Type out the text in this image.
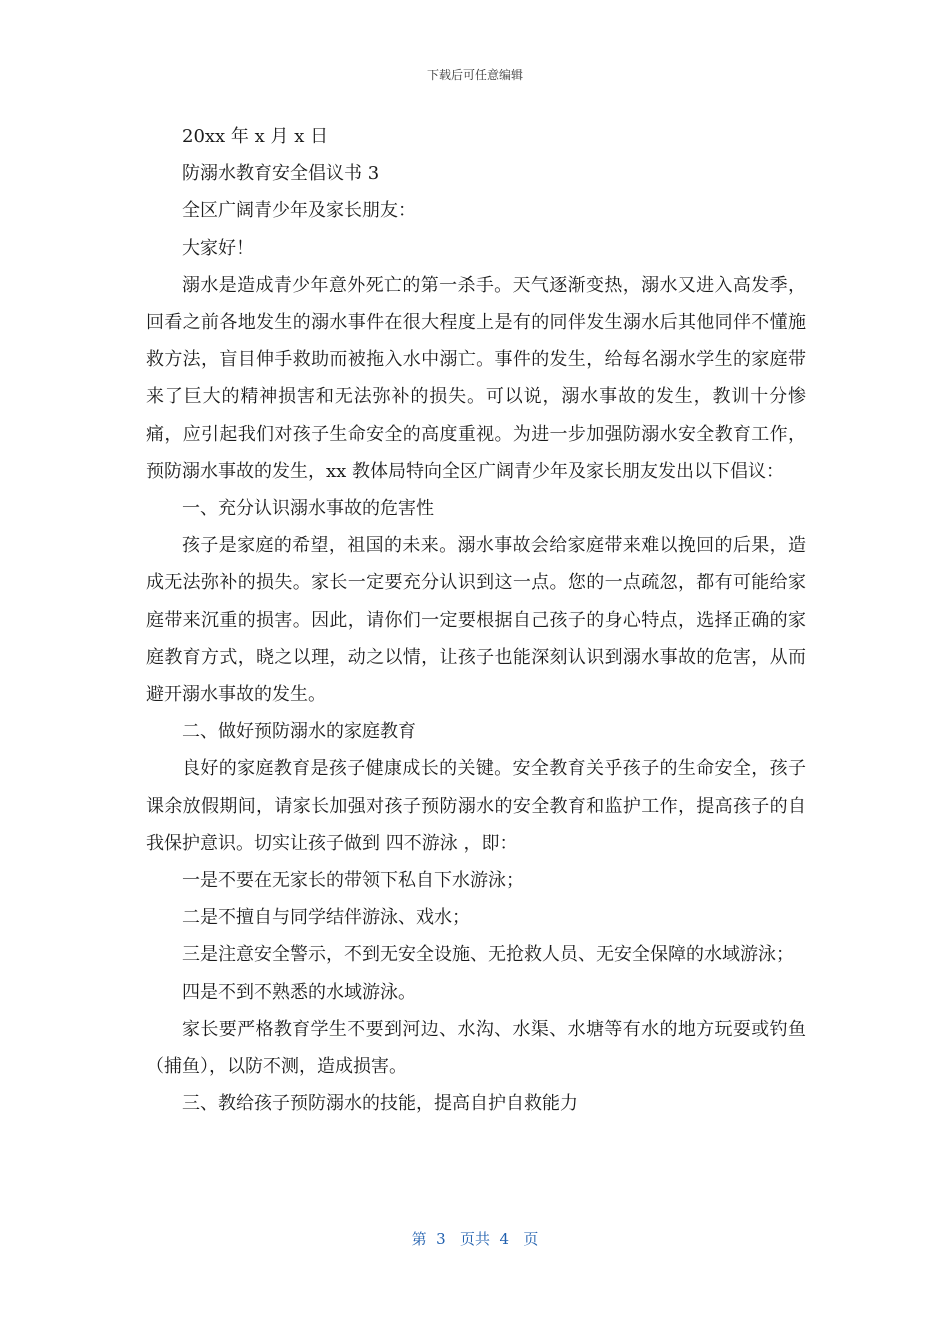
下载后可任意编辑

20xx 年 x 月 x 日

防溺水教育安全倡议书 3

全区广阔青少年及家长朋友：

大家好！

溺水是造成青少年意外死亡的第一杀手。天气逐渐变热，溺水又进入高发季，回看之前各地发生的溺水事件在很大程度上是有的同伴发生溺水后其他同伴不懂施救方法，盲目伸手救助而被拖入水中溺亡。事件的发生，给每名溺水学生的家庭带来了巨大的精神损害和无法弥补的损失。可以说，溺水事故的发生，教训十分惨痛，应引起我们对孩子生命安全的高度重视。为进一步加强防溺水安全教育工作，预防溺水事故的发生，xx 教体局特向全区广阔青少年及家长朋友发出以下倡议：

一、充分认识溺水事故的危害性

孩子是家庭的希望，祖国的未来。溺水事故会给家庭带来难以挽回的后果，造成无法弥补的损失。家长一定要充分认识到这一点。您的一点疏忽，都有可能给家庭带来沉重的损害。因此，请你们一定要根据自己孩子的身心特点，选择正确的家庭教育方式，晓之以理，动之以情，让孩子也能深刻认识到溺水事故的危害，从而避开溺水事故的发生。

二、做好预防溺水的家庭教育

良好的家庭教育是孩子健康成长的关键。安全教育关乎孩子的生命安全，孩子课余放假期间，请家长加强对孩子预防溺水的安全教育和监护工作，提高孩子的自我保护意识。切实让孩子做到 四不游泳 ，即：

一是不要在无家长的带领下私自下水游泳；

二是不擅自与同学结伴游泳、戏水；

三是注意安全警示，不到无安全设施、无抢救人员、无安全保障的水域游泳；

四是不到不熟悉的水域游泳。

家长要严格教育学生不要到河边、水沟、水渠、水塘等有水的地方玩耍或钓鱼（捕鱼），以防不测，造成损害。

三、教给孩子预防溺水的技能，提高自护自救能力

第  3   页共  4   页
